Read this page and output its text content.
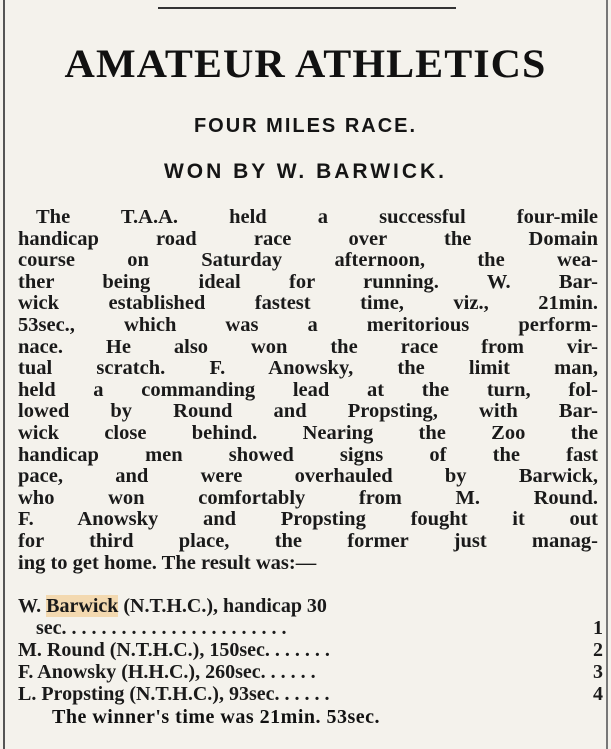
AMATEUR ATHLETICS
FOUR MILES RACE.
WON BY W. BARWICK.
The T.A.A. held a successful four-mile
handicap road race over the Domain
course on Saturday afternoon, the wea-
ther being ideal for running. W. Bar-
wick established fastest time, viz., 21min.
53sec., which was a meritorious perform-
nace. He also won the race from vir-
tual scratch. F. Anowsky, the limit man,
held a commanding lead at the turn, fol-
lowed by Round and Propsting, with Bar-
wick close behind. Nearing the Zoo the
handicap men showed signs of the fast
pace, and were overhauled by Barwick,
who won comfortably from M. Round.
F. Anowsky and Propsting fought it out
for third place, the former just manag-
ing to get home. The result was:—
W. Barwick (N.T.H.C.), handicap 30
sec. . . . . . . . . . . . . . . . . . . . . . .	1
M. Round (N.T.H.C.), 150sec. . . . . . .	2
F. Anowsky (H.H.C.), 260sec. . . . . .	3
L. Propsting (N.T.H.C.), 93sec. . . . . .	4
The winner's time was 21min. 53sec.
